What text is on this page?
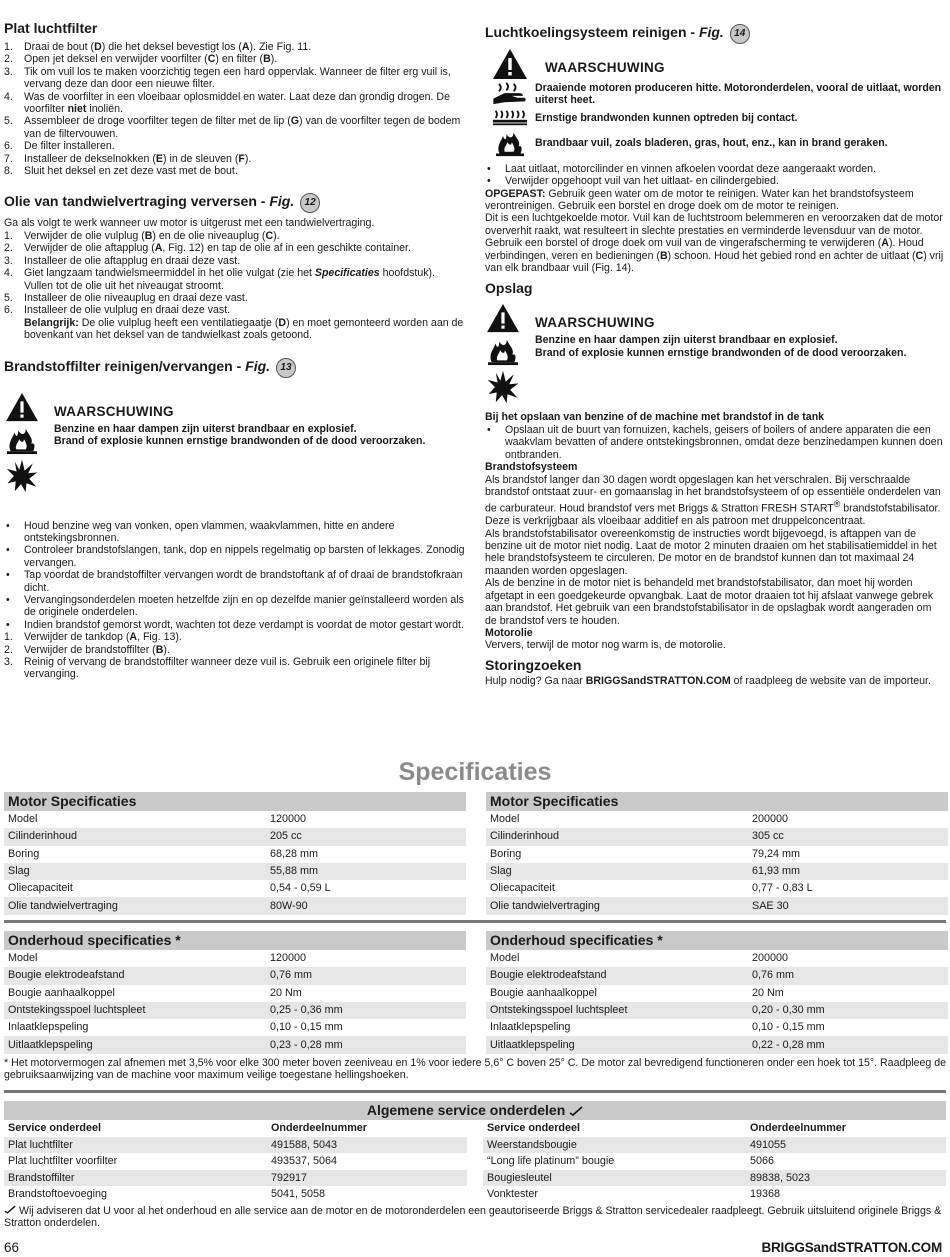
Plat luchtfilter
1. Draai de bout (D) die het deksel bevestigt los (A). Zie Fig. 11.
2. Open jet deksel en verwijder voorfilter (C) en filter (B).
3. Tik om vuil los te maken voorzichtig tegen een hard oppervlak. Wanneer de filter erg vuil is, vervang deze dan door een nieuwe filter.
4. Was de voorfilter in een vloeibaar oplosmiddel en water. Laat deze dan grondig drogen. De voorfilter niet inoliën.
5. Assembleer de droge voorfilter tegen de filter met de lip (G) van de voorfilter tegen de bodem van de filtervouwen.
6. De filter installeren.
7. Installeer de dekselnokken (E) in de sleuven (F).
8. Sluit het deksel en zet deze vast met de bout.
Olie van tandwielvertraging verversen - Fig. 12

Ga als volgt te werk wanneer uw motor is uitgerust met een tandwielvertraging.

1. Verwijder de olie vulplug (B) en de olie niveauplug (C).
2. Verwijder de olie aftapplug (A, Fig. 12) en tap de olie af in een geschikte container.
3. Installeer de olie aftapplug en draai deze vast.
4. Giet langzaam tandwielsmeermiddel in het olie vulgat (zie het Specificaties hoofdstuk). Vullen tot de olie uit het niveaugat stroomt.
5. Installeer de olie niveauplug en draai deze vast.
6. Installeer de olie vulplug en draai deze vast.
Belangrijk: De olie vulplug heeft een ventilatiegaatje (D) en moet gemonteerd worden aan de bovenkant van het deksel van de tandwielkast zoals getoond.
Brandstoffilter reinigen/vervangen - Fig. 13
WAARSCHUWING
Benzine en haar dampen zijn uiterst brandbaar en explosief.
Brand of explosie kunnen ernstige brandwonden of de dood veroorzaken.
• Houd benzine weg van vonken, open vlammen, waakvlammen, hitte en andere ontstekingsbronnen.
• Controleer brandstofslangen, tank, dop en nippels regelmatig op barsten of lekkages. Zonodig vervangen.
• Tap voordat de brandstoffilter vervangen wordt de brandstoftank af of draai de brandstofkraan dicht.
• Vervangingsonderdelen moeten hetzelfde zijn en op dezelfde manier geïnstalleerd worden als de originele onderdelen.
• Indien brandstof gemorst wordt, wachten tot deze verdampt is voordat de motor gestart wordt.
1. Verwijder de tankdop (A, Fig. 13).
2. Verwijder de brandstoffilter (B).
3. Reinig of vervang de brandstoffilter wanneer deze vuil is. Gebruik een originele filter bij vervanging.
Luchtkoelingsysteem reinigen - Fig. 14
WAARSCHUWING
Draaiende motoren produceren hitte. Motoronderdelen, vooral de uitlaat, worden uiterst heet.
Ernstige brandwonden kunnen optreden bij contact.
Brandbaar vuil, zoals bladeren, gras, hout, enz., kan in brand geraken.
• Laat uitlaat, motorcilinder en vinnen afkoelen voordat deze aangeraakt worden.
• Verwijder opgehoopt vuil van het uitlaat- en cilindergebied.

OPGEPAST: Gebruik geen water om de motor te reinigen. Water kan het brandstofsysteem verontreinigen. Gebruik een borstel en droge doek om de motor te reinigen.

Dit is een luchtgekoelde motor. Vuil kan de luchtstroom belemmeren en veroorzaken dat de motor oververhit raakt, wat resulteert in slechte prestaties en verminderde levensduur van de motor.

Gebruik een borstel of droge doek om vuil van de vingerafscherming te verwijderen (A). Houd verbindingen, veren en bedieningen (B) schoon. Houd het gebied rond en achter de uitlaat (C) vrij van elk brandbaar vuil (Fig. 14).

Opslag
WAARSCHUWING
Benzine en haar dampen zijn uiterst brandbaar en explosief.
Brand of explosie kunnen ernstige brandwonden of de dood veroorzaken.

Bij het opslaan van benzine of de machine met brandstof in de tank

• Opslaan uit de buurt van fornuizen, kachels, geisers of boilers of andere apparaten die een waakvlam bevatten of andere ontstekingsbronnen, omdat deze benzinedampen kunnen doen ontbranden.

Brandstofsysteem

Als brandstof langer dan 30 dagen wordt opgeslagen kan het verschralen. Bij verschraalde brandstof ontstaat zuur- en gomaanslag in het brandstofsysteem of op essentiële onderdelen van de carburateur. Houd brandstof vers met Briggs & Stratton FRESH START® brandstofstabilisator. Deze is verkrijgbaar als vloeibaar additief en als patroon met druppelconcentraat.

Als brandstofstabilisator overeenkomstig de instructies wordt bijgevoegd, is aftappen van de benzine uit de motor niet nodig. Laat de motor 2 minuten draaien om het stabilisatiemiddel in het hele brandstofsysteem te circuleren. De motor en de brandstof kunnen dan tot maximaal 24 maanden worden opgeslagen.

Als de benzine in de motor niet is behandeld met brandstofstabilisator, dan moet hij worden afgetapt in een goedgekeurde opvangbak. Laat de motor draaien tot hij afslaat vanwege gebrek aan brandstof. Het gebruik van een brandstofstabilisator in de opslagbak wordt aangeraden om de brandstof vers te houden.

Motorolie

Ververs, terwijl de motor nog warm is, de motorolie.

Storingzoeken

Hulp nodig? Ga naar BRIGGSandSTRATTON.COM of raadpleeg de website van de importeur.

Specificaties
Motor Specificaties	
Model	120000
Cilinderinhoud	205 cc
Boring	68,28 mm
Slag	55,88 mm
Oliecapaciteit	0,54 - 0,59 L
Olie tandwielvertraging	80W-90
Motor Specificaties	
Model	200000
Cilinderinhoud	305 cc
Boring	79,24 mm
Slag	61,93 mm
Oliecapaciteit	0,77 - 0,83 L
Olie tandwielvertraging	SAE 30
Onderhoud specificaties *	
Model	120000
Bougie elektrodeafstand	0,76 mm
Bougie aanhaalkoppel	20 Nm
Ontstekingsspoel luchtspleet	0,25 - 0,36 mm
Inlaatklepspeling	0,10 - 0,15 mm
Uitlaatklepspeling	0,23 - 0,28 mm
Onderhoud specificaties *	
Model	200000
Bougie elektrodeafstand	0,76 mm
Bougie aanhaalkoppel	20 Nm
Ontstekingsspoel luchtspleet	0,20 - 0,30 mm
Inlaatklepspeling	0,10 - 0,15 mm
Uitlaatklepspeling	0,22 - 0,28 mm
* Het motorvermogen zal afnemen met 3,5% voor elke 300 meter boven zeeniveau en 1% voor iedere 5,6° C boven 25° C. De motor zal bevredigend functioneren onder een hoek tot 15°. Raadpleeg de gebruiksaanwijzing van de machine voor maximum veilige toegestane hellingshoeken.
Algemene service onderdelen
Service onderdeel	Onderdeelnummer
Plat luchtfilter	491588, 5043
Plat luchtfilter voorfilter	493537, 5064
Brandstoffilter	792917
Brandstoftoevoeging	5041, 5058
Service onderdeel	Onderdeelnummer
Weerstandsbougie	491055
“Long life platinum” bougie	5066
Bougiesleutel	89838, 5023
Vonktester	19368
Wij adviseren dat U voor al het onderhoud en alle service aan de motor en de motoronderdelen een geautoriseerde Briggs & Stratton servicedealer raadpleegt. Gebruik uitsluitend originele Briggs & Stratton onderdelen.
66	BRIGGSandSTRATTON.COM
